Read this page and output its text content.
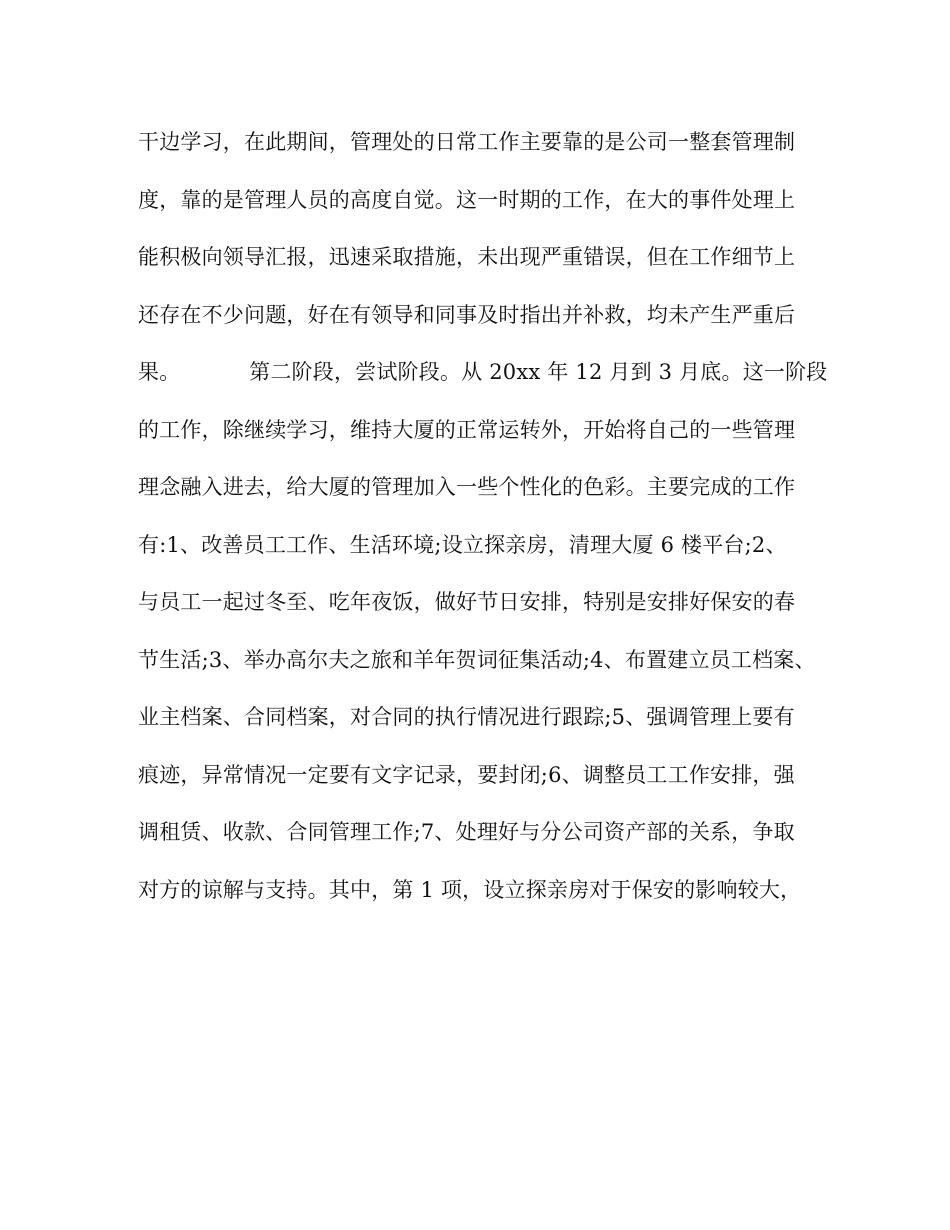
干边学习，在此期间，管理处的日常工作主要靠的是公司一整套管理制
度，靠的是管理人员的高度自觉。这一时期的工作，在大的事件处理上
能积极向领导汇报，迅速采取措施，未出现严重错误，但在工作细节上
还存在不少问题，好在有领导和同事及时指出并补救，均未产生严重后
果。          第二阶段，尝试阶段。从 20xx 年 12 月到 3 月底。这一阶段
的工作，除继续学习，维持大厦的正常运转外，开始将自己的一些管理
理念融入进去，给大厦的管理加入一些个性化的色彩。主要完成的工作
有:1、改善员工工作、生活环境;设立探亲房，清理大厦 6 楼平台;2、
与员工一起过冬至、吃年夜饭，做好节日安排，特别是安排好保安的春
节生活;3、举办高尔夫之旅和羊年贺词征集活动;4、布置建立员工档案、
业主档案、合同档案，对合同的执行情况进行跟踪;5、强调管理上要有
痕迹，异常情况一定要有文字记录，要封闭;6、调整员工工作安排，强
调租赁、收款、合同管理工作;7、处理好与分公司资产部的关系，争取
对方的谅解与支持。其中，第 1 项，设立探亲房对于保安的影响较大，
